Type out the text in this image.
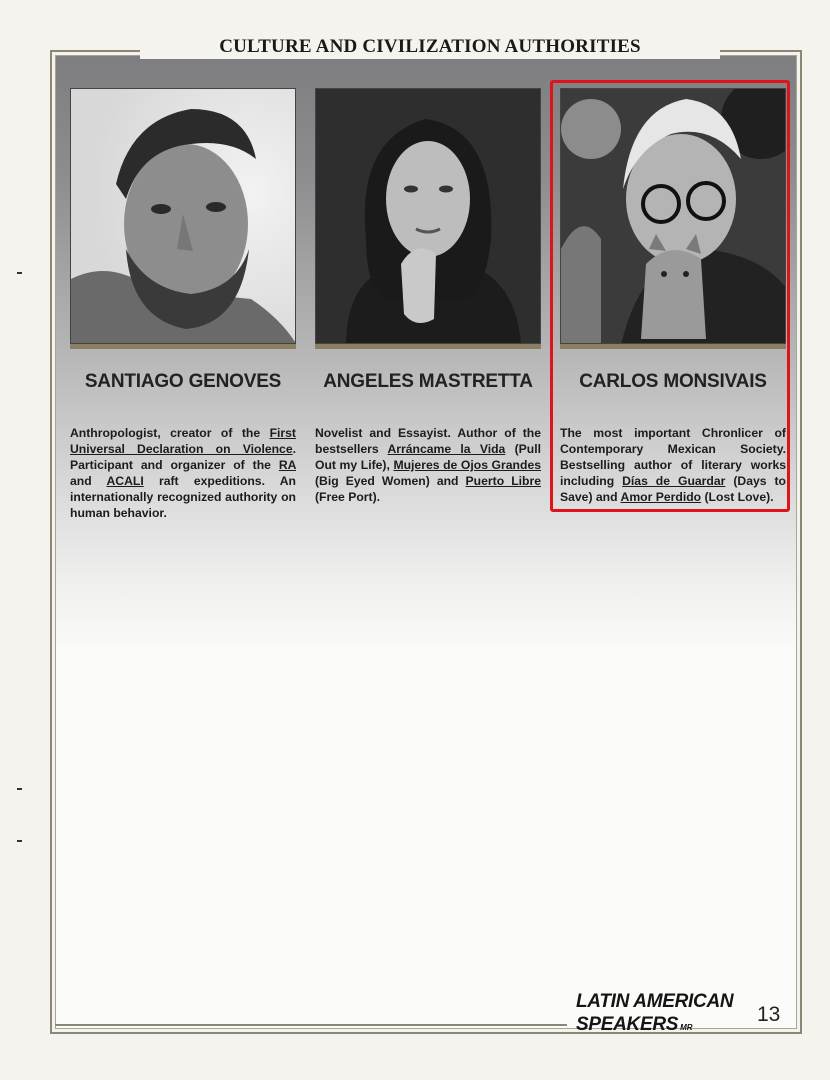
CULTURE AND CIVILIZATION AUTHORITIES
SANTIAGO GENOVES
Anthropologist, creator of the First Universal Declaration on Violence. Participant and organizer of the RA and ACALI raft expeditions. An internationally recognized authority on human behavior.
ANGELES MASTRETTA
Novelist and Essayist. Author of the bestsellers Arráncame la Vida (Pull Out my Life), Mujeres de Ojos Grandes (Big Eyed Women) and Puerto Libre (Free Port).
CARLOS MONSIVAIS
The most important Chronlicer of Contemporary Mexican Society. Bestselling author of literary works including Días de Guardar (Days to Save) and Amor Perdido (Lost Love).
LATIN AMERICAN
SPEAKERS MR
13
